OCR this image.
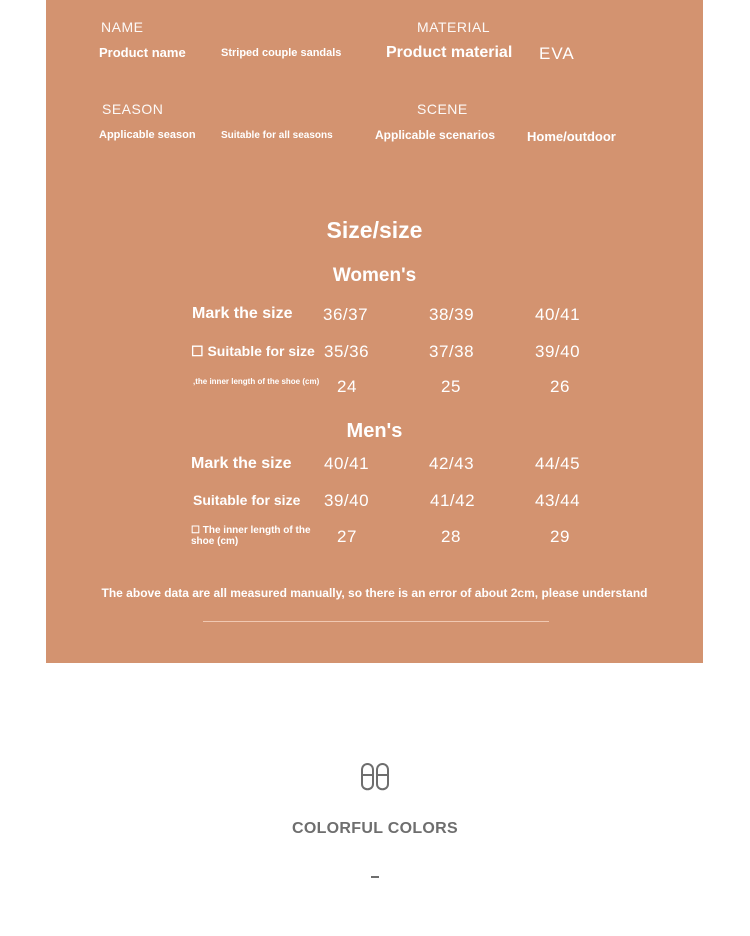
NAME
Product name	Striped couple sandals
MATERIAL
Product material EVA
SEASON
Applicable season	Suitable for all seasons
SCENE
Applicable scenarios Home/outdoor
Size/size
Women's
Mark the size 36/37	38/39	40/41
☐ Suitable for size 35/36	37/38	39/40
,the inner length of the shoe (cm) 24	25	26
Men's
Mark the size 40/41	42/43	44/45
Suitable for size 39/40	41/42	43/44
☐ The inner length of the shoe (cm)	27	28	29
The above data are all measured manually, so there is an error of about 2cm, please understand
COLORFUL COLORS
